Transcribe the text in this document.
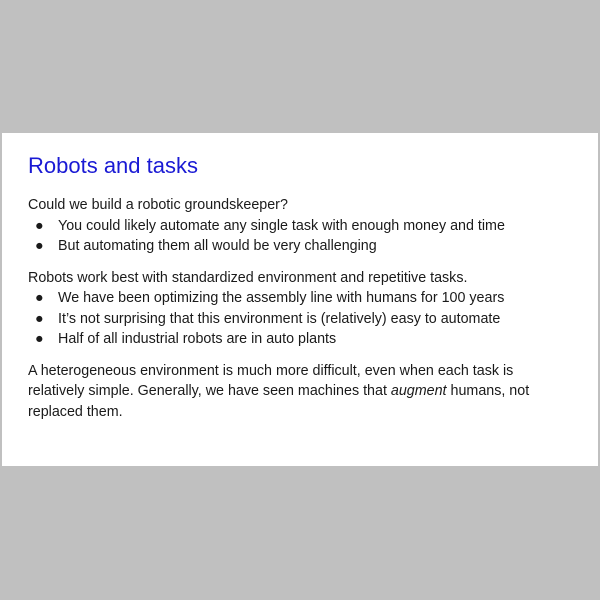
Robots and tasks

Could we build a robotic groundskeeper?

● You could likely automate any single task with enough money and time
● But automating them all would be very challenging

Robots work best with standardized environment and repetitive tasks.

● We have been optimizing the assembly line with humans for 100 years
● It’s not surprising that this environment is (relatively) easy to automate
● Half of all industrial robots are in auto plants

A heterogeneous environment is much more difficult, even when each task is relatively simple. Generally, we have seen machines that augment humans, not replaced them.
